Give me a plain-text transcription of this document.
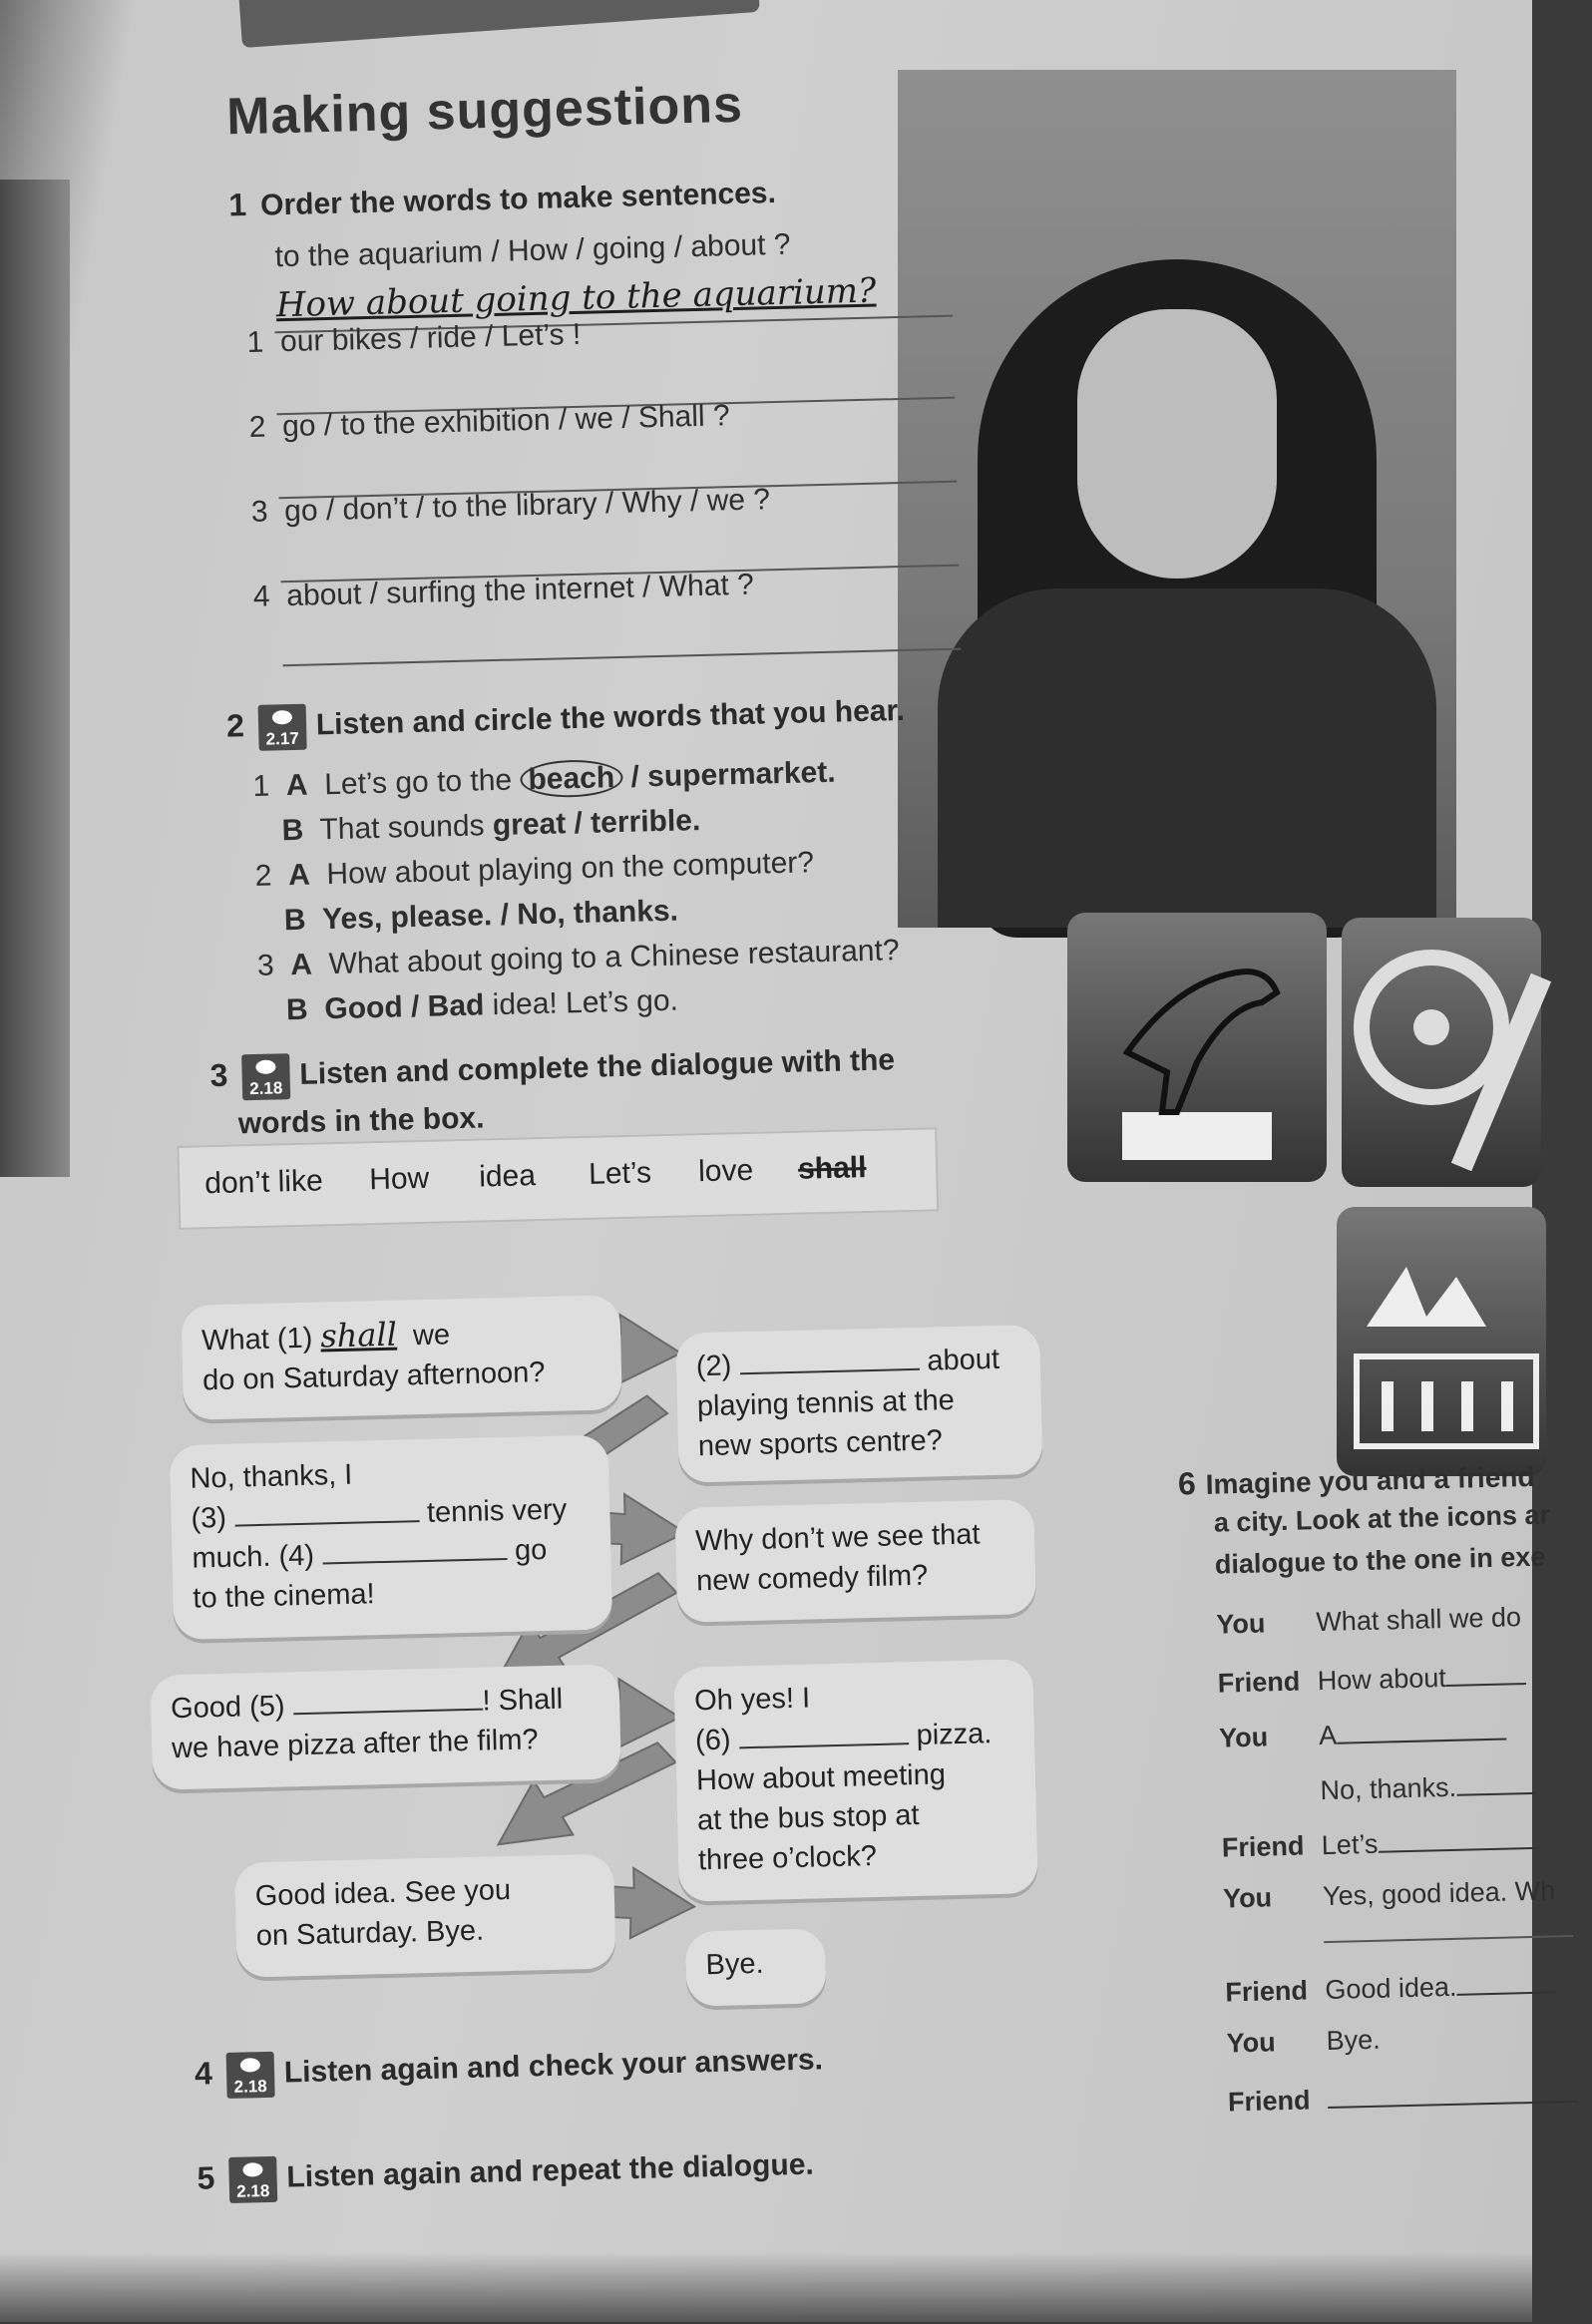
Making suggestions
1 Order the words to make sentences.
to the aquarium / How / going / about ?
How about going to the aquarium?
1 our bikes / ride / Let’s !
2 go / to the exhibition / we / Shall ?
3 go / don’t / to the library / Why / we ?
4 about / surfing the internet / What ?
2 2.17 Listen and circle the words that you hear.
1 A Let’s go to the beach / supermarket.
B That sounds great / terrible.
2 A How about playing on the computer?
B Yes, please. / No, thanks.
3 A What about going to a Chinese restaurant?
B Good / Bad idea! Let’s go.
3 2.18 Listen and complete the dialogue with the
words in the box.
don’t like How idea Let’s love shall
What (1) shall we
do on Saturday afternoon?	(2)	about
playing tennis at the
new sports centre?
No, thanks, I
(3)	tennis very
much. (4)	go
to the cinema!
Why don’t we see that
new comedy film?
Good (5)	! Shall
we have pizza after the film?
Oh yes! I
(6)	pizza.
How about meeting
at the bus stop at
three o’clock?
Good idea. See you
on Saturday. Bye.
Bye.
4 2.18 Listen again and check your answers.
5 2.18 Listen again and repeat the dialogue.
6 Imagine you and a friend
a city. Look at the icons ar
dialogue to the one in exe
You What shall we do
Friend How about
You A
No, thanks.
Friend Let’s
You Yes, good idea. Wh
Friend Good idea.
You Bye.
Friend
